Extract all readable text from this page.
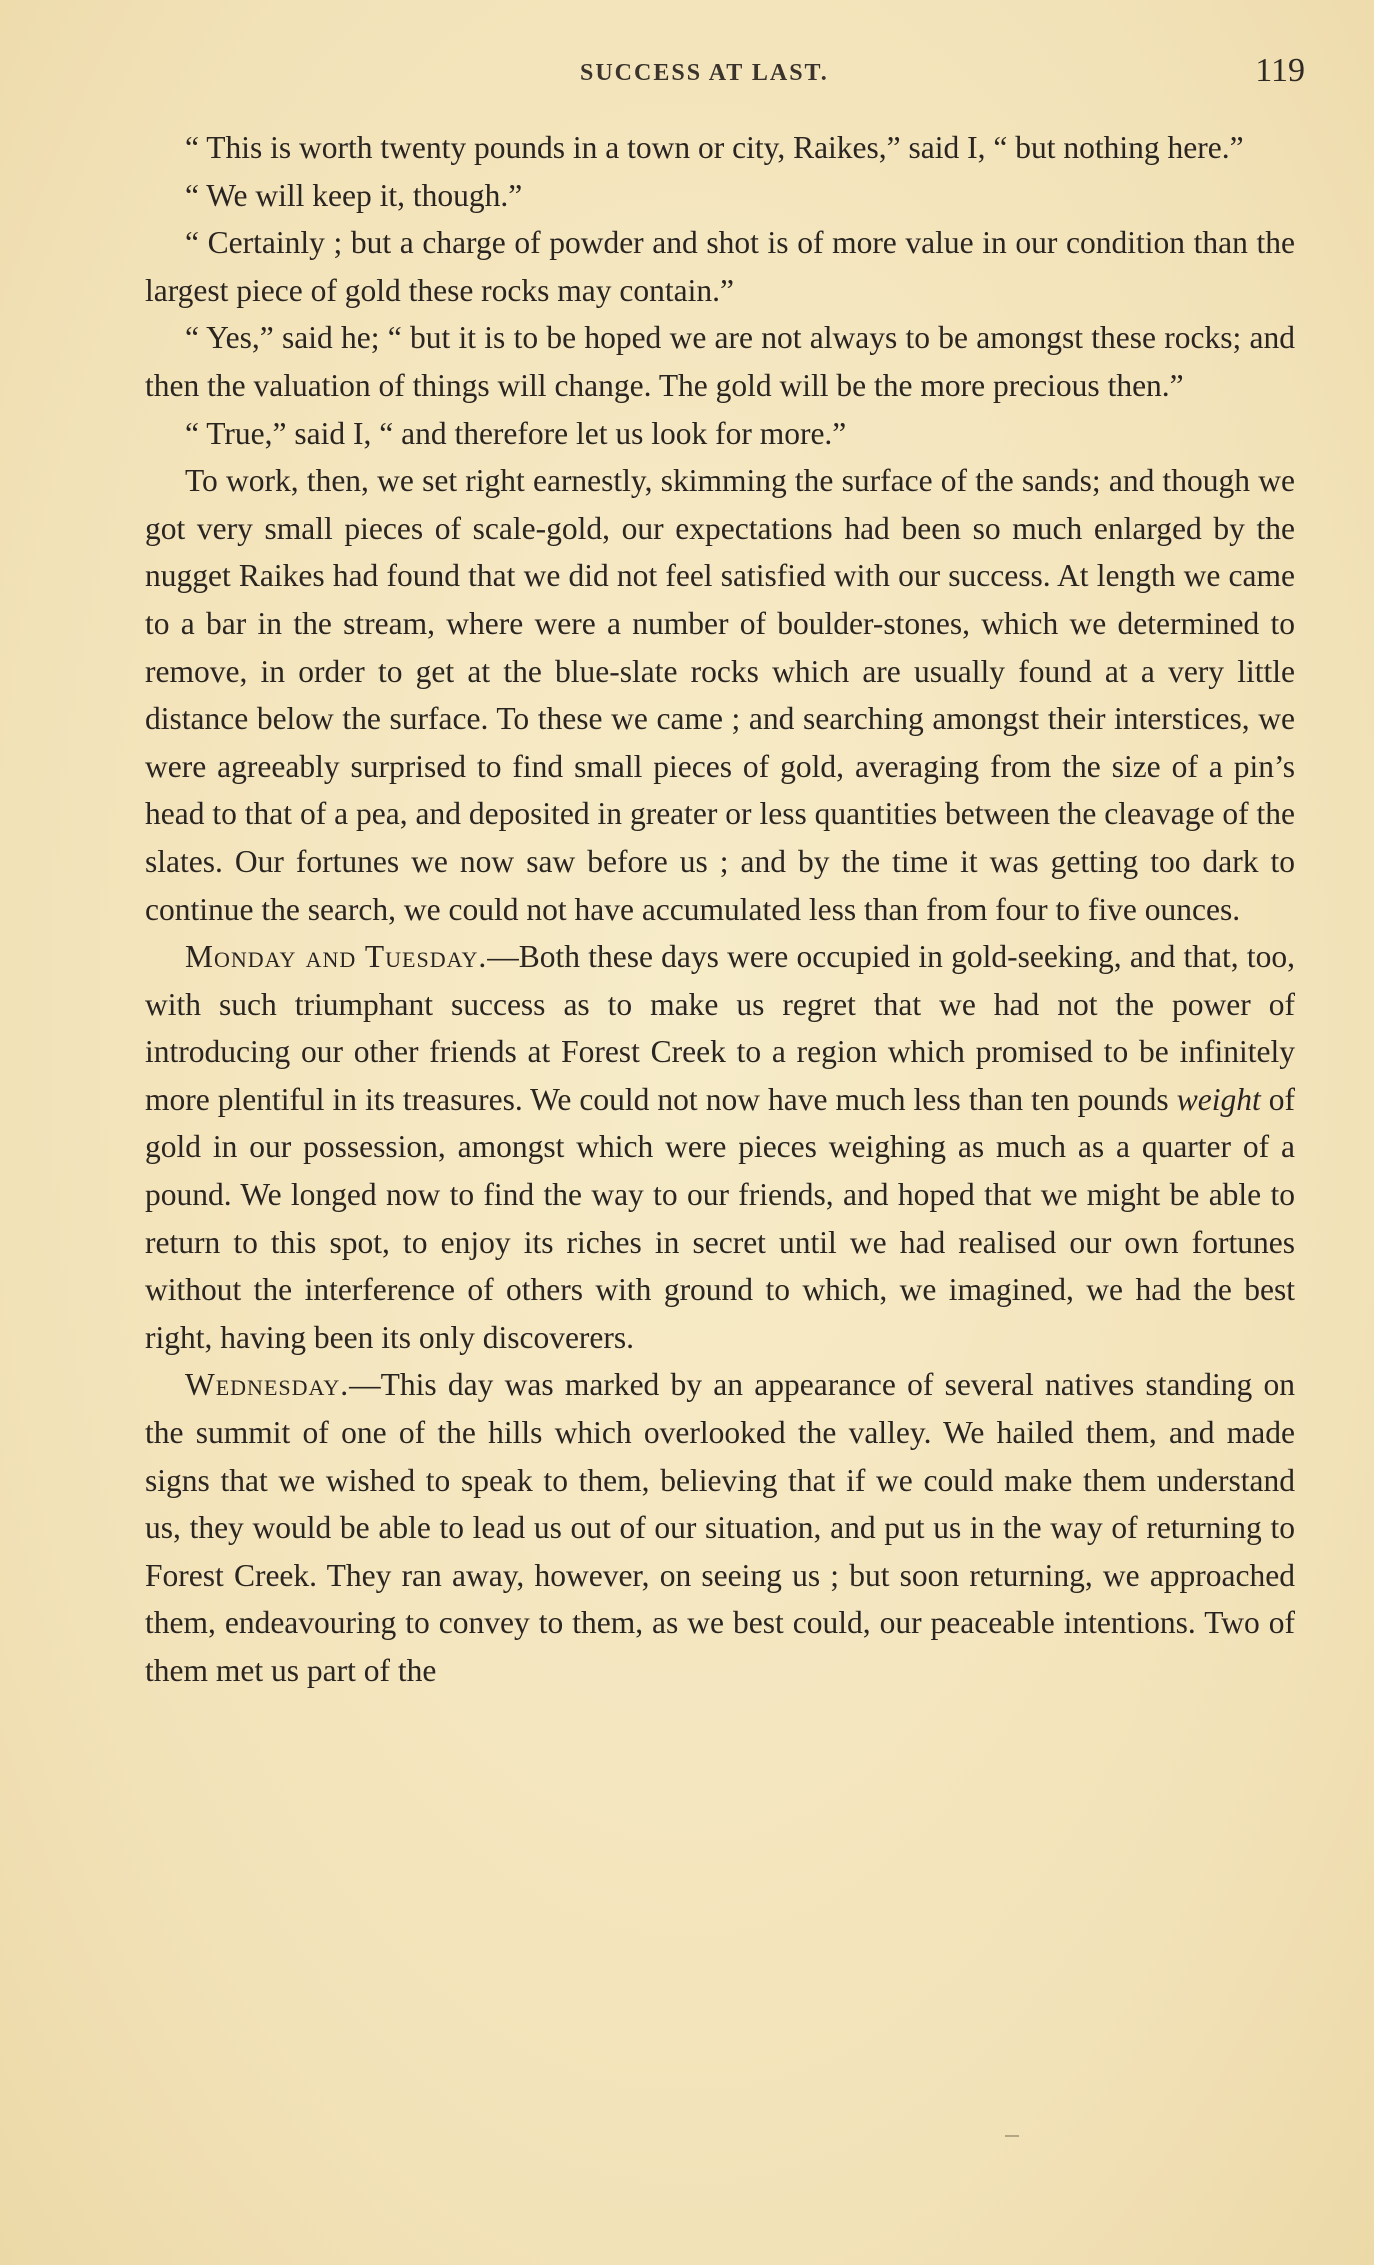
SUCCESS AT LAST.	119

“ This is worth twenty pounds in a town or city, Raikes,” said I, “ but nothing here.”

“ We will keep it, though.”

“ Certainly ; but a charge of powder and shot is of more value in our condition than the largest piece of gold these rocks may contain.”

“ Yes,” said he; “ but it is to be hoped we are not always to be amongst these rocks; and then the valuation of things will change. The gold will be the more precious then.”

“ True,” said I, “ and therefore let us look for more.”

To work, then, we set right earnestly, skimming the surface of the sands; and though we got very small pieces of scale-gold, our expectations had been so much enlarged by the nugget Raikes had found that we did not feel satisfied with our success. At length we came to a bar in the stream, where were a number of boulder-stones, which we determined to remove, in order to get at the blue-slate rocks which are usually found at a very little distance below the surface. To these we came ; and searching amongst their interstices, we were agreeably surprised to find small pieces of gold, averaging from the size of a pin’s head to that of a pea, and deposited in greater or less quantities between the cleavage of the slates. Our fortunes we now saw before us ; and by the time it was getting too dark to continue the search, we could not have accumulated less than from four to five ounces.

Monday and Tuesday.—Both these days were occupied in gold-seeking, and that, too, with such triumphant success as to make us regret that we had not the power of introducing our other friends at Forest Creek to a region which promised to be infinitely more plentiful in its treasures. We could not now have much less than ten pounds weight of gold in our possession, amongst which were pieces weighing as much as a quarter of a pound. We longed now to find the way to our friends, and hoped that we might be able to return to this spot, to enjoy its riches in secret until we had realised our own fortunes without the interference of others with ground to which, we imagined, we had the best right, having been its only discoverers.

Wednesday.—This day was marked by an appearance of several natives standing on the summit of one of the hills which overlooked the valley. We hailed them, and made signs that we wished to speak to them, believing that if we could make them understand us, they would be able to lead us out of our situation, and put us in the way of returning to Forest Creek. They ran away, however, on seeing us ; but soon returning, we approached them, endeavouring to convey to them, as we best could, our peaceable intentions. Two of them met us part of the
